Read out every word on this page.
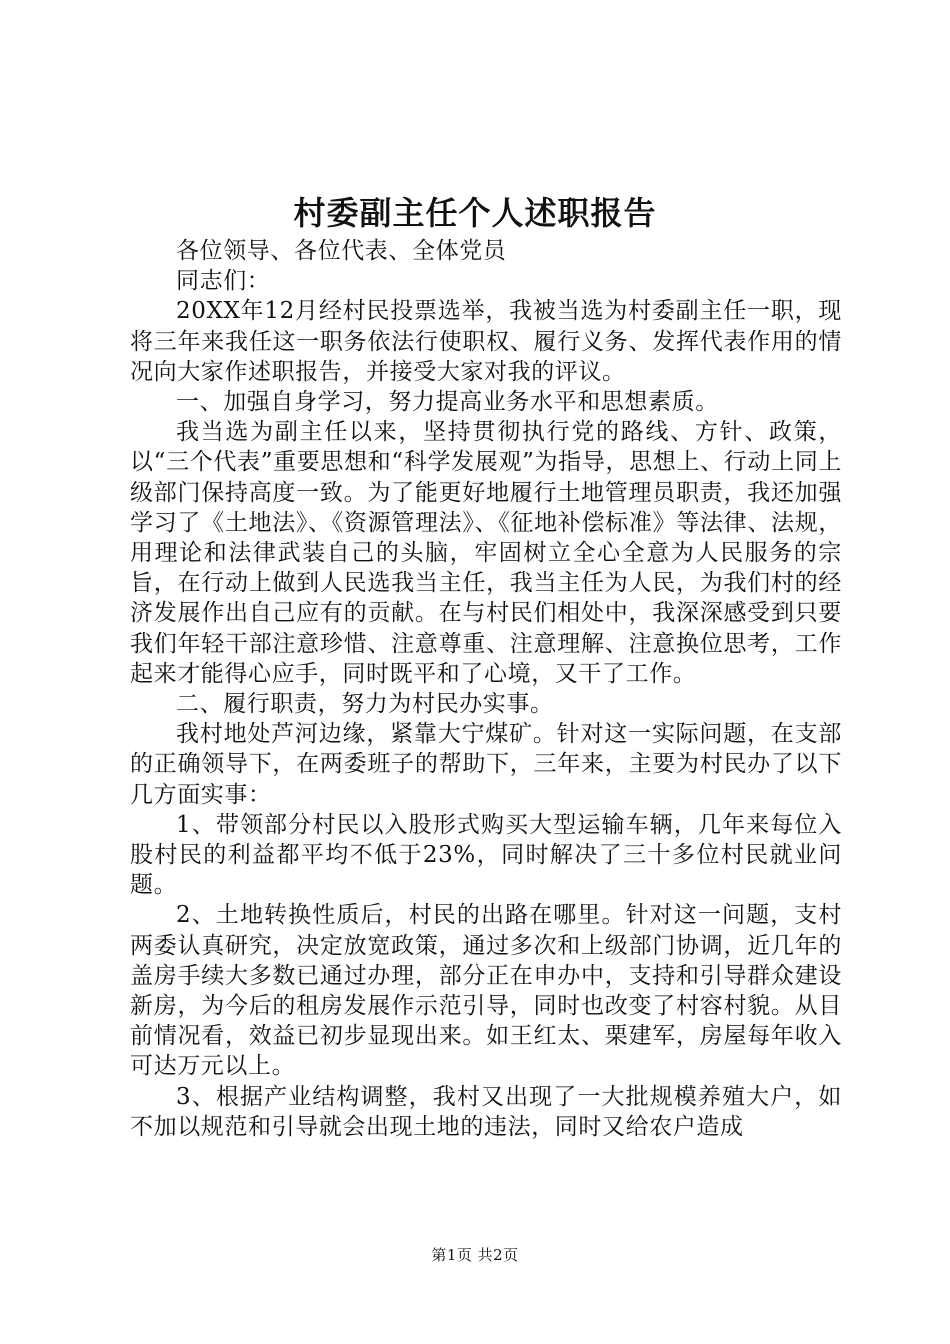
村委副主任个人述职报告

各位领导、各位代表、全体党员

同志们：

20XX年12月经村民投票选举，我被当选为村委副主任一职，现将三年来我任这一职务依法行使职权、履行义务、发挥代表作用的情况向大家作述职报告，并接受大家对我的评议。

一、加强自身学习，努力提高业务水平和思想素质。

我当选为副主任以来，坚持贯彻执行党的路线、方针、政策，以“三个代表”重要思想和“科学发展观”为指导，思想上、行动上同上级部门保持高度一致。为了能更好地履行土地管理员职责，我还加强学习了《土地法》、《资源管理法》、《征地补偿标准》等法律、法规，用理论和法律武装自己的头脑，牢固树立全心全意为人民服务的宗旨，在行动上做到人民选我当主任，我当主任为人民，为我们村的经济发展作出自己应有的贡献。在与村民们相处中，我深深感受到只要我们年轻干部注意珍惜、注意尊重、注意理解、注意换位思考，工作起来才能得心应手，同时既平和了心境，又干了工作。

二、履行职责，努力为村民办实事。

我村地处芦河边缘，紧靠大宁煤矿。针对这一实际问题，在支部的正确领导下，在两委班子的帮助下，三年来，主要为村民办了以下几方面实事：

1、带领部分村民以入股形式购买大型运输车辆，几年来每位入股村民的利益都平均不低于23%，同时解决了三十多位村民就业问题。

2、土地转换性质后，村民的出路在哪里。针对这一问题，支村两委认真研究，决定放宽政策，通过多次和上级部门协调，近几年的盖房手续大多数已通过办理，部分正在申办中，支持和引导群众建设新房，为今后的租房发展作示范引导，同时也改变了村容村貌。从目前情况看，效益已初步显现出来。如王红太、栗建军，房屋每年收入可达万元以上。

3、根据产业结构调整，我村又出现了一大批规模养殖大户，如不加以规范和引导就会出现土地的违法，同时又给农户造成

第1页 共2页
